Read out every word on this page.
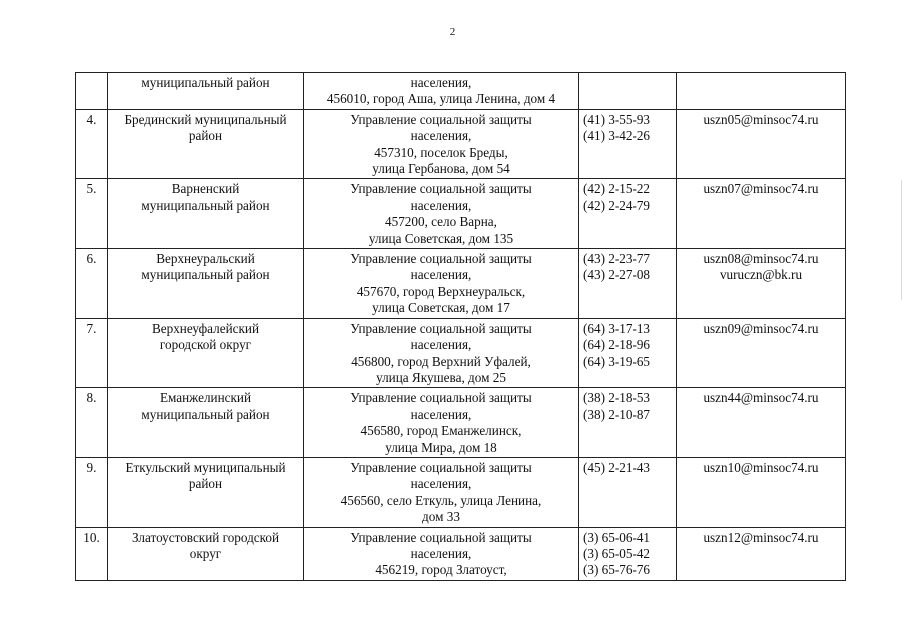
2

	муниципальный район	населения,
456010, город Аша, улица Ленина, дом 4		

4.	Брединский муниципальный
район	Управление социальной защиты
населения,
457310, поселок Бреды,
улица Гербанова, дом 54	(41) 3-55-93
(41) 3-42-26	uszn05@minsoc74.ru

5.	Варненский
муниципальный район	Управление социальной защиты
населения,
457200, село Варна,
улица Советская, дом 135	(42) 2-15-22
(42) 2-24-79	uszn07@minsoc74.ru

6.	Верхнеуральский
муниципальный район	Управление социальной защиты
населения,
457670, город Верхнеуральск,
улица Советская, дом 17	(43) 2-23-77
(43) 2-27-08	uszn08@minsoc74.ru
vuruczn@bk.ru

7.	Верхнеуфалейский
городской округ	Управление социальной защиты
населения,
456800, город Верхний Уфалей,
улица Якушева, дом 25	(64) 3-17-13
(64) 2-18-96
(64) 3-19-65	uszn09@minsoc74.ru

8.	Еманжелинский
муниципальный район	Управление социальной защиты
населения,
456580, город Еманжелинск,
улица Мира, дом 18	(38) 2-18-53
(38) 2-10-87	uszn44@minsoc74.ru

9.	Еткульский муниципальный
район	Управление социальной защиты
населения,
456560, село Еткуль, улица Ленина,
дом 33	(45) 2-21-43	uszn10@minsoc74.ru

10.	Златоустовский городской
округ	Управление социальной защиты
населения,
456219, город Златоуст,	(3) 65-06-41
(3) 65-05-42
(3) 65-76-76	uszn12@minsoc74.ru
